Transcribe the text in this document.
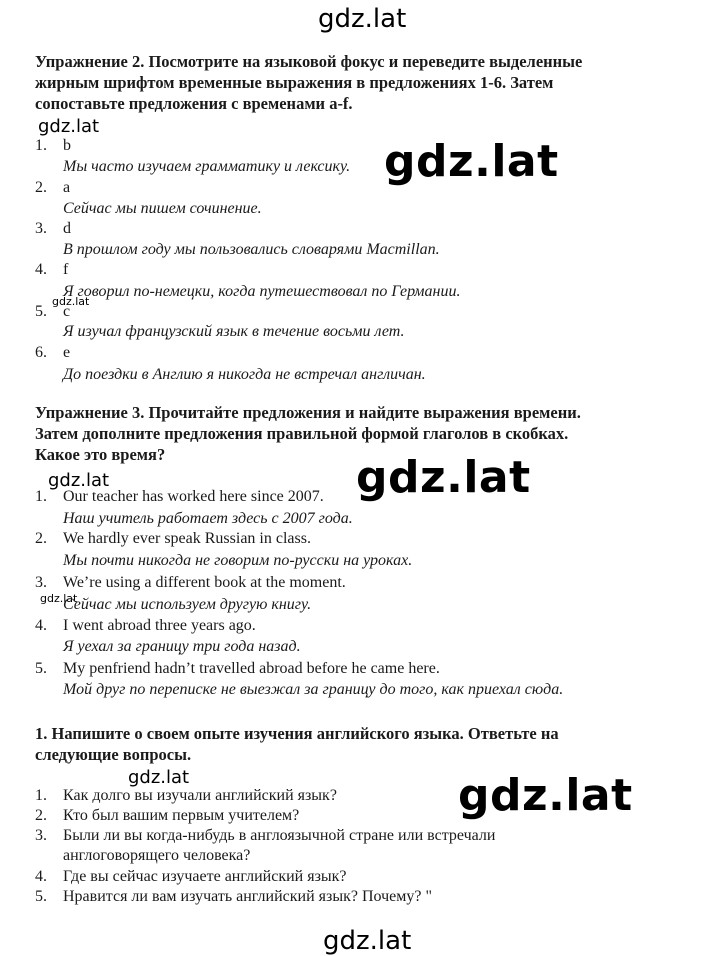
gdz.lat
gdz.lat
gdz.lat
gdz.lat
gdz.lat	gdz.lat
gdz.lat
gdz.lat	gdz.lat
gdz.lat
Упражнение 2. Посмотрите на языковой фокус и переведите выделенные
жирным шрифтом временные выражения в предложениях 1-6. Затем
сопоставьте предложения с временами a-f.
1. b
Мы часто изучаем грамматику и лексику.
2. a
Сейчас мы пишем сочинение.
3. d
В прошлом году мы пользовались словарями Macmillan.
4. f
Я говорил по-немецки, когда путешествовал по Германии.
5. c
Я изучал французский язык в течение восьми лет.
6. e
До поездки в Англию я никогда не встречал англичан.
Упражнение 3. Прочитайте предложения и найдите выражения времени.
Затем дополните предложения правильной формой глаголов в скобках.
Какое это время?
1. Our teacher has worked here since 2007.
Наш учитель работает здесь с 2007 года.
2. We hardly ever speak Russian in class.
Мы почти никогда не говорим по-русски на уроках.
3. We’re using a different book at the moment.
Сейчас мы используем другую книгу.
4. I went abroad three years ago.
Я уехал за границу три года назад.
5. My penfriend hadn’t travelled abroad before he came here.
Мой друг по переписке не выезжал за границу до того, как приехал сюда.
1. Напишите о своем опыте изучения английского языка. Ответьте на
следующие вопросы.
1. Как долго вы изучали английский язык?
2. Кто был вашим первым учителем?
3. Были ли вы когда-нибудь в англоязычной стране или встречали
англоговорящего человека?
4. Где вы сейчас изучаете английский язык?
5. Нравится ли вам изучать английский язык? Почему? "
